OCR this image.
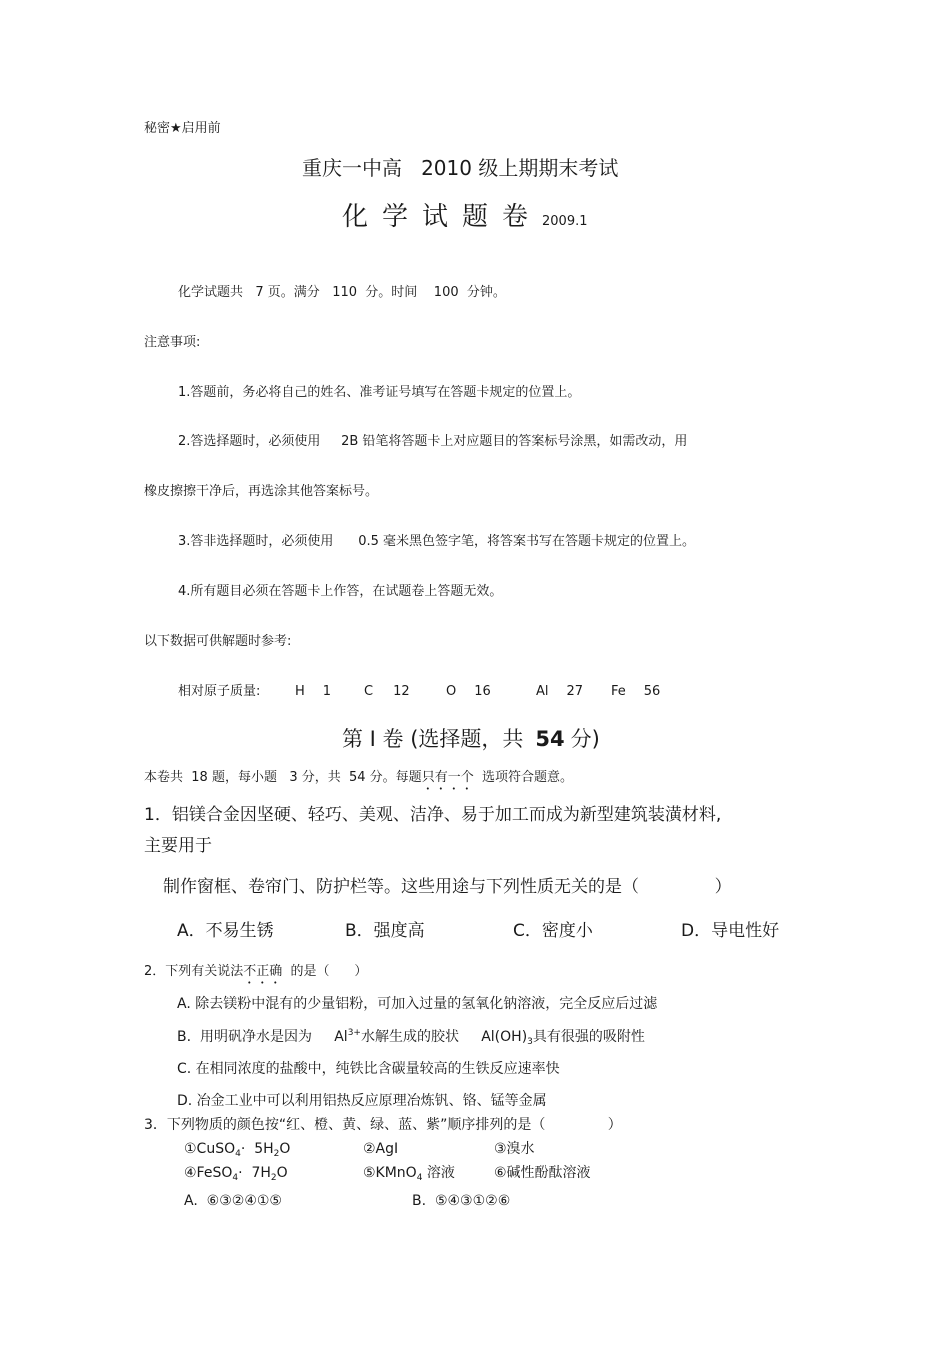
秘密★启用前
重庆一中高   2010 级上期期末考试
化学试题卷2009.1
化学试题共   7 页。满分   110  分。时间    100  分钟。
注意事项:
1.答题前，务必将自己的姓名、准考证号填写在答题卡规定的位置上。
2.答选择题时，必须使用     2B 铅笔将答题卡上对应题目的答案标号涂黑，如需改动，用
橡皮擦擦干净后，再选涂其他答案标号。
3.答非选择题时，必须使用      0.5 毫米黑色签字笔，将答案书写在答题卡规定的位置上。
4.所有题目必须在答题卡上作答，在试题卷上答题无效。
以下数据可供解题时参考:
相对原子质量:	H 1	C 12	O 16	Al 27 Fe 56
第 I 卷 (选择题，共 54 分)
本卷共  18 题，每小题   3 分，共  54 分。每题只有一个  选项符合题意。
1．铝镁合金因坚硬、轻巧、美观、洁净、易于加工而成为新型建筑装潢材料,
主要用于
制作窗框、卷帘门、防护栏等。这些用途与下列性质无关的是（              ）
A．不易生锈	B．强度高	C．密度小	D．导电性好
2．下列有关说法不正确  的是（      ）
A. 除去镁粉中混有的少量铝粉，可加入过量的氢氧化钠溶液，完全反应后过滤
B.  用明矾净水是因为     $Al^{3+}$水解生成的胶状     $Al(OH)_3$具有很强的吸附性
C. 在相同浓度的盐酸中，纯铁比含碳量较高的生铁反应速率快
D. 冶金工业中可以利用铝热反应原理冶炼钒、铬、锰等金属
3．下列物质的颜色按“红、橙、黄、绿、蓝、紫”顺序排列的是（              ）
①CuSO$_4$·  $5H_2O$	②AgI	③溴水
④FeSO$_4$·  $7H_2O$	⑤KMnO$_4$ 溶液	⑥碱性酚酞溶液
A.  ⑥③②④①⑤	B.  ⑤④③①②⑥
